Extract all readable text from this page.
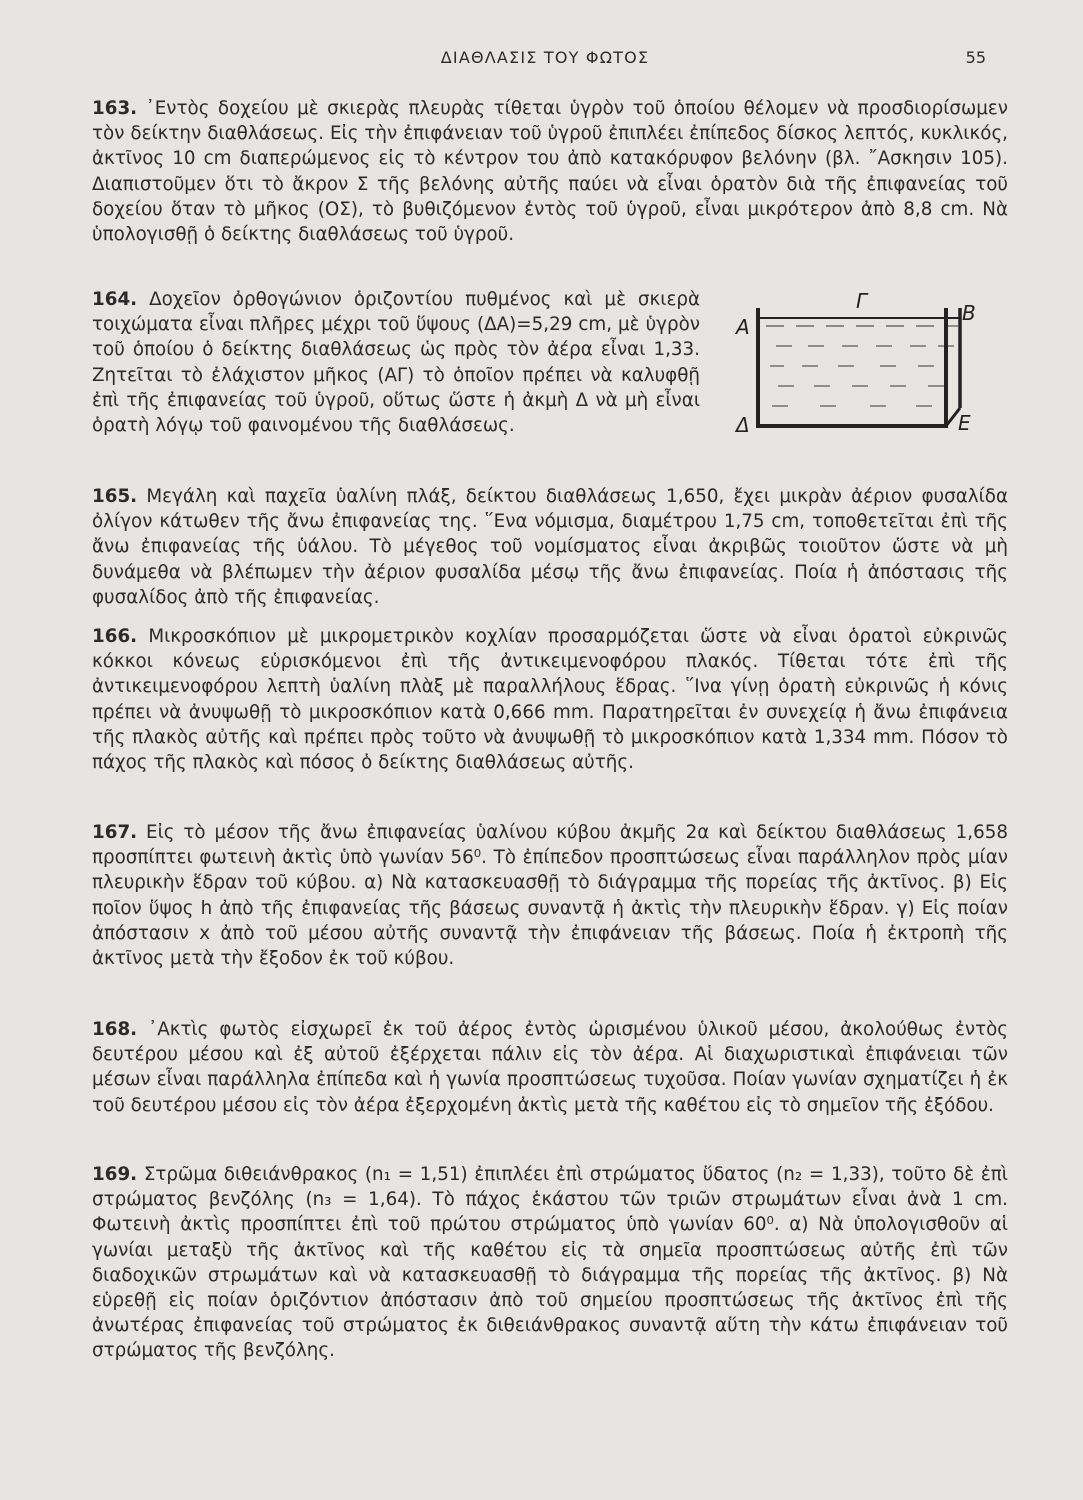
ΔΙΑΘΛΑΣΙΣ ΤΟΥ ΦΩΤΟΣ	55
163. ᾿Εντὸς δοχείου μὲ σκιερὰς πλευρὰς τίθεται ὑγρὸν τοῦ ὁποίου θέλομεν νὰ προσδιορίσωμεν τὸν δείκτην διαθλάσεως. Εἰς τὴν ἐπιφάνειαν τοῦ ὑγροῦ ἐπιπλέει ἐπίπεδος δίσκος λεπτός, κυκλικός, ἀκτῖνος 10 cm διαπερώμενος εἰς τὸ κέντρον του ἀπὸ κατακόρυφον βελόνην (βλ. ῎Ασκησιν 105). Διαπιστοῦμεν ὅτι τὸ ἄκρον Σ τῆς βελόνης αὐτῆς παύει νὰ εἶναι ὁρατὸν διὰ τῆς ἐπιφανείας τοῦ δοχείου ὅταν τὸ μῆκος (ΟΣ), τὸ βυθιζόμενον ἐντὸς τοῦ ὑγροῦ, εἶναι μικρότερον ἀπὸ 8,8 cm. Νὰ ὑπολογισθῇ ὁ δείκτης διαθλάσεως τοῦ ὑγροῦ.
164. Δοχεῖον ὀρθογώνιον ὁριζοντίου πυθμένος καὶ μὲ σκιερὰ τοιχώματα εἶναι πλῆρες μέχρι τοῦ ὕψους (ΔΑ)=5,29 cm, μὲ ὑγρὸν τοῦ ὁποίου ὁ δείκτης διαθλάσεως ὡς πρὸς τὸν ἀέρα εἶναι 1,33. Ζητεῖται τὸ ἐλάχιστον μῆκος (ΑΓ) τὸ ὁποῖον πρέπει νὰ καλυφθῇ ἐπὶ τῆς ἐπιφανείας τοῦ ὑγροῦ, οὕτως ὥστε ἡ ἀκμὴ Δ νὰ μὴ εἶναι ὁρατὴ λόγῳ τοῦ φαινομένου τῆς διαθλάσεως.
A
B
Γ
Δ	E
165. Μεγάλη καὶ παχεῖα ὑαλίνη πλάξ, δείκτου διαθλάσεως 1,650, ἔχει μικρὰν ἀέριον φυσαλίδα ὀλίγον κάτωθεν τῆς ἄνω ἐπιφανείας της. ῞Ενα νόμισμα, διαμέτρου 1,75 cm, τοποθετεῖται ἐπὶ τῆς ἄνω ἐπιφανείας τῆς ὑάλου. Τὸ μέγεθος τοῦ νομίσματος εἶναι ἀκριβῶς τοιοῦτον ὥστε νὰ μὴ δυνάμεθα νὰ βλέπωμεν τὴν ἀέριον φυσαλίδα μέσῳ τῆς ἄνω ἐπιφανείας. Ποία ἡ ἀπόστασις τῆς φυσαλίδος ἀπὸ τῆς ἐπιφανείας.
166. Μικροσκόπιον μὲ μικρομετρικὸν κοχλίαν προσαρμόζεται ὥστε νὰ εἶναι ὁρατοὶ εὐκρινῶς κόκκοι κόνεως εὑρισκόμενοι ἐπὶ τῆς ἀντικειμενοφόρου πλακός. Τίθεται τότε ἐπὶ τῆς ἀντικειμενοφόρου λεπτὴ ὑαλίνη πλὰξ μὲ παραλλήλους ἕδρας. ῞Ινα γίνῃ ὁρατὴ εὐκρινῶς ἡ κόνις πρέπει νὰ ἀνυψωθῇ τὸ μικροσκόπιον κατὰ 0,666 mm. Παρατηρεῖται ἐν συνεχείᾳ ἡ ἄνω ἐπιφάνεια τῆς πλακὸς αὐτῆς καὶ πρέπει πρὸς τοῦτο νὰ ἀνυψωθῇ τὸ μικροσκόπιον κατὰ 1,334 mm. Πόσον τὸ πάχος τῆς πλακὸς καὶ πόσος ὁ δείκτης διαθλάσεως αὐτῆς.
167. Εἰς τὸ μέσον τῆς ἄνω ἐπιφανείας ὑαλίνου κύβου ἀκμῆς 2α καὶ δείκτου διαθλάσεως 1,658 προσπίπτει φωτεινὴ ἀκτὶς ὑπὸ γωνίαν 56⁰. Τὸ ἐπίπεδον προσπτώσεως εἶναι παράλληλον πρὸς μίαν πλευρικὴν ἕδραν τοῦ κύβου. α) Νὰ κατασκευασθῇ τὸ διάγραμμα τῆς πορείας τῆς ἀκτῖνος. β) Εἰς ποῖον ὕψος h ἀπὸ τῆς ἐπιφανείας τῆς βάσεως συναντᾷ ἡ ἀκτὶς τὴν πλευρικὴν ἕδραν. γ) Εἰς ποίαν ἀπόστασιν x ἀπὸ τοῦ μέσου αὐτῆς συναντᾷ τὴν ἐπιφάνειαν τῆς βάσεως. Ποία ἡ ἐκτροπὴ τῆς ἀκτῖνος μετὰ τὴν ἔξοδον ἐκ τοῦ κύβου.
168. ᾿Ακτὶς φωτὸς εἰσχωρεῖ ἐκ τοῦ ἀέρος ἐντὸς ὡρισμένου ὑλικοῦ μέσου, ἀκολούθως ἐντὸς δευτέρου μέσου καὶ ἐξ αὐτοῦ ἐξέρχεται πάλιν εἰς τὸν ἀέρα. Αἱ διαχωριστικαὶ ἐπιφάνειαι τῶν μέσων εἶναι παράλληλα ἐπίπεδα καὶ ἡ γωνία προσπτώσεως τυχοῦσα. Ποίαν γωνίαν σχηματίζει ἡ ἐκ τοῦ δευτέρου μέσου εἰς τὸν ἀέρα ἐξερχομένη ἀκτὶς μετὰ τῆς καθέτου εἰς τὸ σημεῖον τῆς ἐξόδου.
169. Στρῶμα διθειάνθρακος (n₁ = 1,51) ἐπιπλέει ἐπὶ στρώματος ὕδατος (n₂ = 1,33), τοῦτο δὲ ἐπὶ στρώματος βενζόλης (n₃ = 1,64). Τὸ πάχος ἑκάστου τῶν τριῶν στρωμάτων εἶναι ἀνὰ 1 cm. Φωτεινὴ ἀκτὶς προσπίπτει ἐπὶ τοῦ πρώτου στρώματος ὑπὸ γωνίαν 60⁰. α) Νὰ ὑπολογισθοῦν αἱ γωνίαι μεταξὺ τῆς ἀκτῖνος καὶ τῆς καθέτου εἰς τὰ σημεῖα προσπτώσεως αὐτῆς ἐπὶ τῶν διαδοχικῶν στρωμάτων καὶ νὰ κατασκευασθῇ τὸ διάγραμμα τῆς πορείας τῆς ἀκτῖνος. β) Νὰ εὑρεθῇ εἰς ποίαν ὁριζόντιον ἀπόστασιν ἀπὸ τοῦ σημείου προσπτώσεως τῆς ἀκτῖνος ἐπὶ τῆς ἀνωτέρας ἐπιφανείας τοῦ στρώματος ἐκ διθειάνθρακος συναντᾷ αὕτη τὴν κάτω ἐπιφάνειαν τοῦ στρώματος τῆς βενζόλης.
